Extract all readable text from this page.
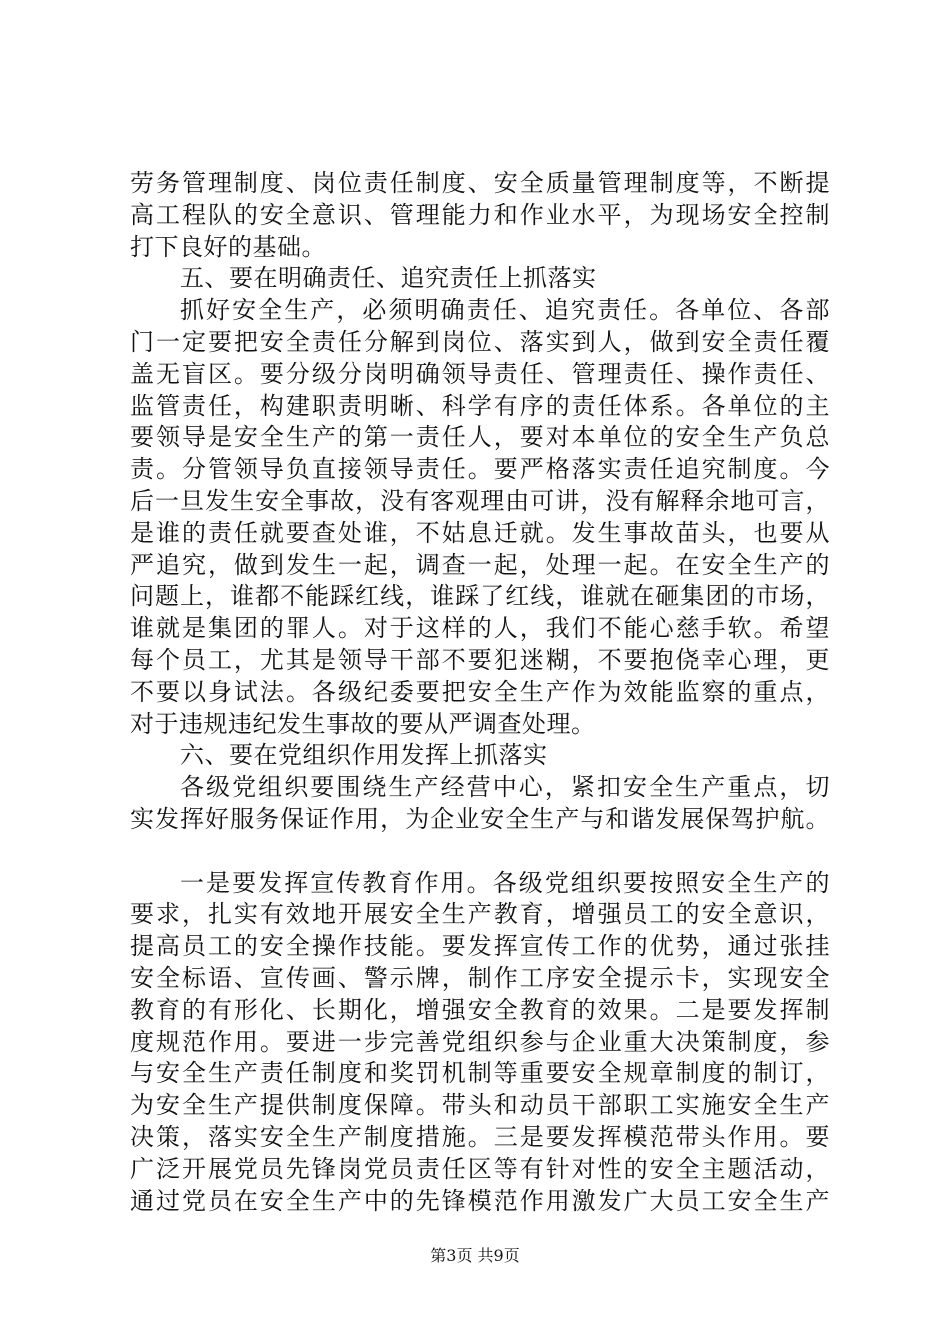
劳务管理制度、岗位责任制度、安全质量管理制度等，不断提
高工程队的安全意识、管理能力和作业水平，为现场安全控制
打下良好的基础。
五、要在明确责任、追究责任上抓落实
抓好安全生产，必须明确责任、追究责任。各单位、各部
门一定要把安全责任分解到岗位、落实到人，做到安全责任覆
盖无盲区。要分级分岗明确领导责任、管理责任、操作责任、
监管责任，构建职责明晰、科学有序的责任体系。各单位的主
要领导是安全生产的第一责任人，要对本单位的安全生产负总
责。分管领导负直接领导责任。要严格落实责任追究制度。今
后一旦发生安全事故，没有客观理由可讲，没有解释余地可言，
是谁的责任就要查处谁，不姑息迁就。发生事故苗头，也要从
严追究，做到发生一起，调查一起，处理一起。在安全生产的
问题上，谁都不能踩红线，谁踩了红线，谁就在砸集团的市场，
谁就是集团的罪人。对于这样的人，我们不能心慈手软。希望
每个员工，尤其是领导干部不要犯迷糊，不要抱侥幸心理，更
不要以身试法。各级纪委要把安全生产作为效能监察的重点，
对于违规违纪发生事故的要从严调查处理。
六、要在党组织作用发挥上抓落实
各级党组织要围绕生产经营中心，紧扣安全生产重点，切
实发挥好服务保证作用，为企业安全生产与和谐发展保驾护航。
一是要发挥宣传教育作用。各级党组织要按照安全生产的
要求，扎实有效地开展安全生产教育，增强员工的安全意识，
提高员工的安全操作技能。要发挥宣传工作的优势，通过张挂
安全标语、宣传画、警示牌，制作工序安全提示卡，实现安全
教育的有形化、长期化，增强安全教育的效果。二是要发挥制
度规范作用。要进一步完善党组织参与企业重大决策制度，参
与安全生产责任制度和奖罚机制等重要安全规章制度的制订，
为安全生产提供制度保障。带头和动员干部职工实施安全生产
决策，落实安全生产制度措施。三是要发挥模范带头作用。要
广泛开展党员先锋岗党员责任区等有针对性的安全主题活动，
通过党员在安全生产中的先锋模范作用激发广大员工安全生产
第3页 共9页
